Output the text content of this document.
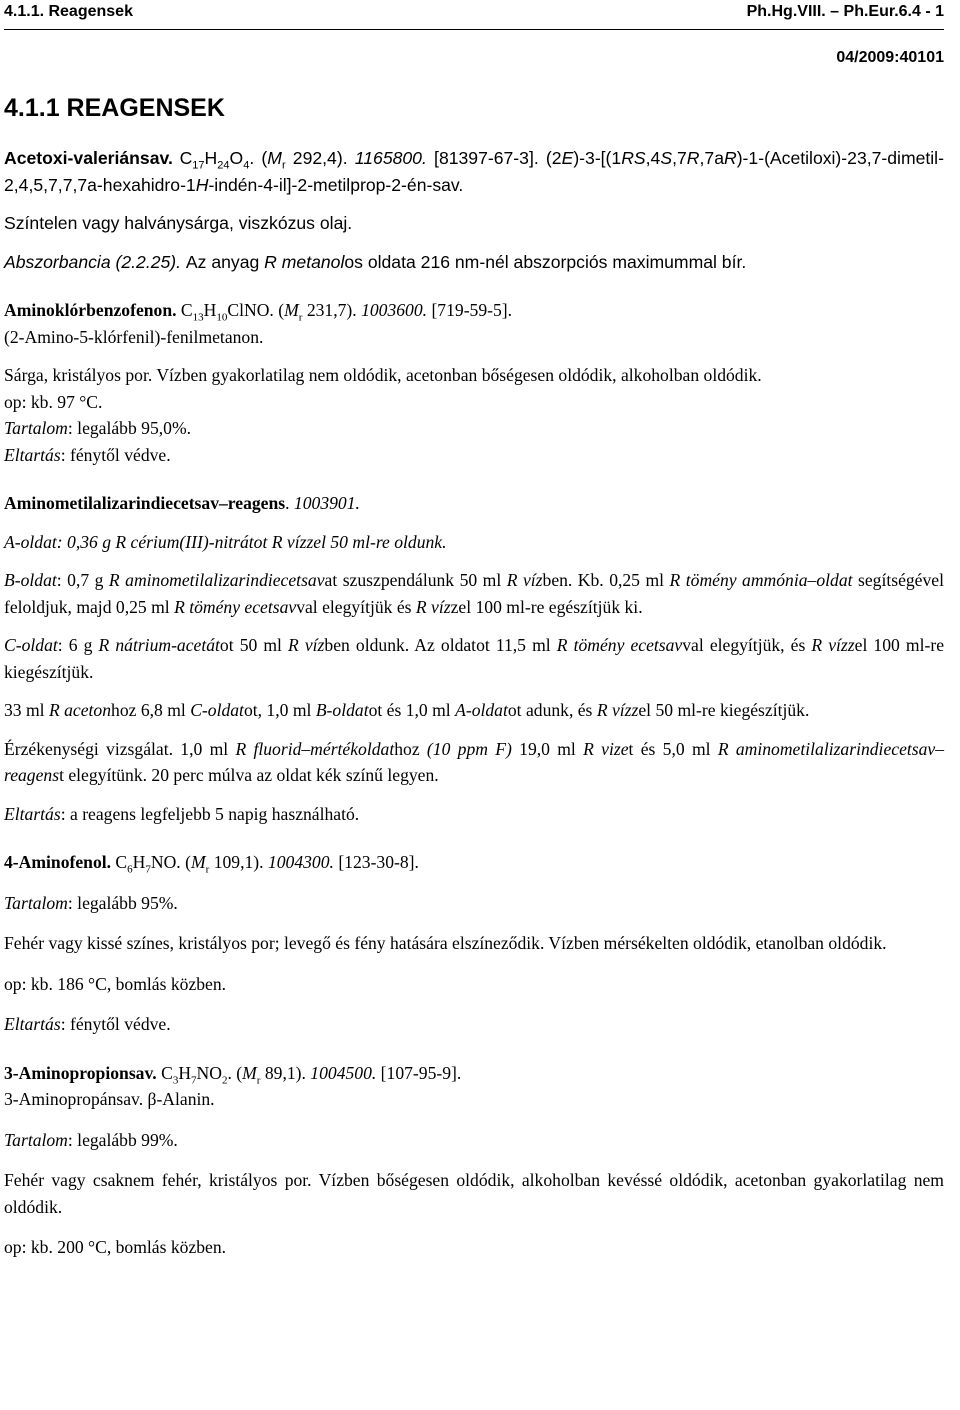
4.1.1. Reagensek	Ph.Hg.VIII. – Ph.Eur.6.4 - 1
04/2009:40101
4.1.1 REAGENSEK

Acetoxi-valeriánsav. $C_{17}H_{24}O_4$. ($M_r$ 292,4). 1165800. [81397-67-3]. (2E)-3-[(1RS,4S,7R,7aR)-1-(Acetiloxi)-23,7-dimetil-2,4,5,7,7,7a-hexahidro-1H-indén-4-il]-2-metilprop-2-én-sav.

Színtelen vagy halványsárga, viszkózus olaj.

Abszorbancia (2.2.25). Az anyag R metanolos oldata 216 nm-nél abszorpciós maximummal bír.

Aminoklórbenzofenon. $C_{13}H_{10}ClNO$. ($M_r$ 231,7). 1003600. [719-59-5].

(2-Amino-5-klórfenil)-fenilmetanon.

Sárga, kristályos por. Vízben gyakorlatilag nem oldódik, acetonban bőségesen oldódik, alkoholban oldódik.

op: kb. 97 °C.

Tartalom: legalább 95,0%.

Eltartás: fénytől védve.

Aminometilalizarindiecetsav–reagens. 1003901.

A-oldat: 0,36 g R cérium(III)-nitrátot R vízzel 50 ml-re oldunk.

B-oldat: 0,7 g R aminometilalizarindiecetsavat szuszpendálunk 50 ml R vízben. Kb. 0,25 ml R tömény ammónia–oldat segítségével feloldjuk, majd 0,25 ml R tömény ecetsavval elegyítjük és R vízzel 100 ml-re egészítjük ki.

C-oldat: 6 g R nátrium-acetátot 50 ml R vízben oldunk. Az oldatot 11,5 ml R tömény ecetsavval elegyítjük, és R vízzel 100 ml-re kiegészítjük.

33 ml R acetonhoz 6,8 ml C-oldatot, 1,0 ml B-oldatot és 1,0 ml A-oldatot adunk, és R vízzel 50 ml-re kiegészítjük.

Érzékenységi vizsgálat. 1,0 ml R fluorid–mértékoldathoz (10 ppm F) 19,0 ml R vizet és 5,0 ml R aminometilalizarindiecetsav–reagenst elegyítünk. 20 perc múlva az oldat kék színű legyen.

Eltartás: a reagens legfeljebb 5 napig használható.

4-Aminofenol. $C_6H_7NO$. ($M_r$ 109,1). 1004300. [123-30-8].

Tartalom: legalább 95%.

Fehér vagy kissé színes, kristályos por; levegő és fény hatására elszíneződik. Vízben mérsékelten oldódik, etanolban oldódik.

op: kb. 186 °C, bomlás közben.

Eltartás: fénytől védve.

3-Aminopropionsav. $C_3H_7NO_2$. ($M_r$ 89,1). 1004500. [107-95-9].

3-Aminopropánsav. β-Alanin.

Tartalom: legalább 99%.

Fehér vagy csaknem fehér, kristályos por. Vízben bőségesen oldódik, alkoholban kevéssé oldódik, acetonban gyakorlatilag nem oldódik.

op: kb. 200 °C, bomlás közben.
